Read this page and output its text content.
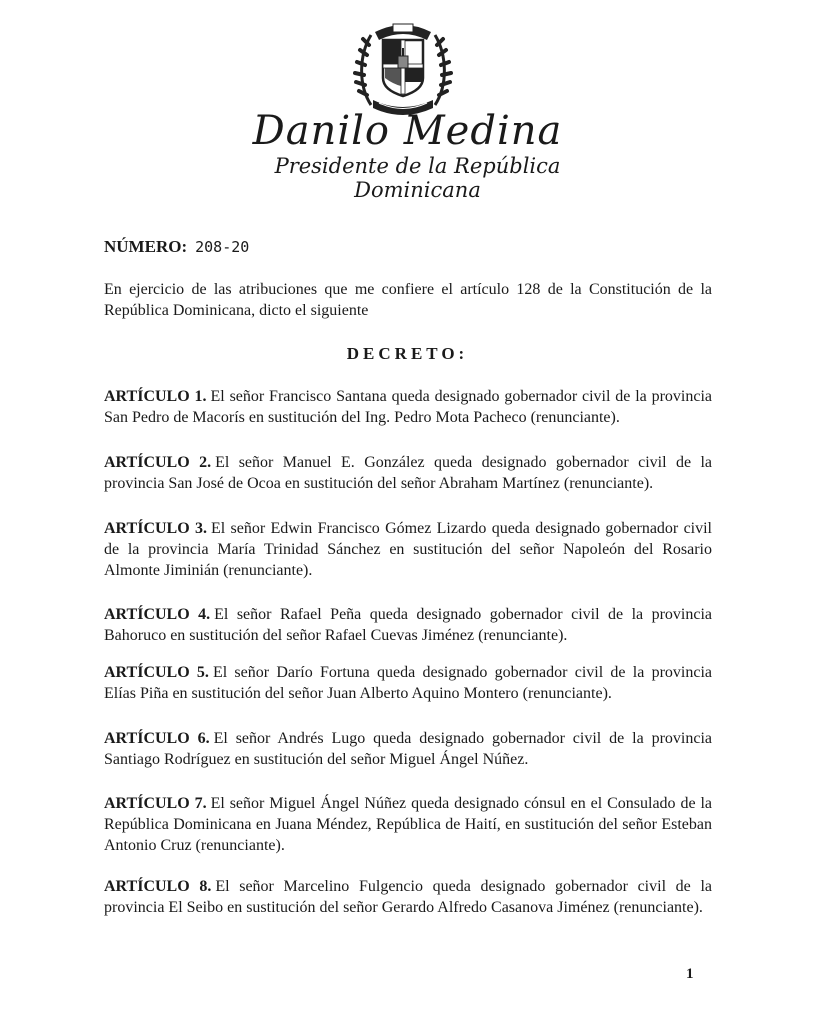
Danilo Medina
Presidente de la República Dominicana
NÚMERO: 208-20
En ejercicio de las atribuciones que me confiere el artículo 128 de la Constitución de la República Dominicana, dicto el siguiente
DECRETO:
ARTÍCULO 1. El señor Francisco Santana queda designado gobernador civil de la provincia San Pedro de Macorís en sustitución del Ing. Pedro Mota Pacheco (renunciante).
ARTÍCULO 2. El señor Manuel E. González queda designado gobernador civil de la provincia San José de Ocoa en sustitución del señor Abraham Martínez (renunciante).
ARTÍCULO 3. El señor Edwin Francisco Gómez Lizardo queda designado gobernador civil de la provincia María Trinidad Sánchez en sustitución del señor Napoleón del Rosario Almonte Jiminián (renunciante).
ARTÍCULO 4. El señor Rafael Peña queda designado gobernador civil de la provincia Bahoruco en sustitución del señor Rafael Cuevas Jiménez (renunciante).
ARTÍCULO 5. El señor Darío Fortuna queda designado gobernador civil de la provincia Elías Piña en sustitución del señor Juan Alberto Aquino Montero (renunciante).
ARTÍCULO 6. El señor Andrés Lugo queda designado gobernador civil de la provincia Santiago Rodríguez en sustitución del señor Miguel Ángel Núñez.
ARTÍCULO 7. El señor Miguel Ángel Núñez queda designado cónsul en el Consulado de la República Dominicana en Juana Méndez, República de Haití, en sustitución del señor Esteban Antonio Cruz (renunciante).
ARTÍCULO 8. El señor Marcelino Fulgencio queda designado gobernador civil de la provincia El Seibo en sustitución del señor Gerardo Alfredo Casanova Jiménez (renunciante).
1
